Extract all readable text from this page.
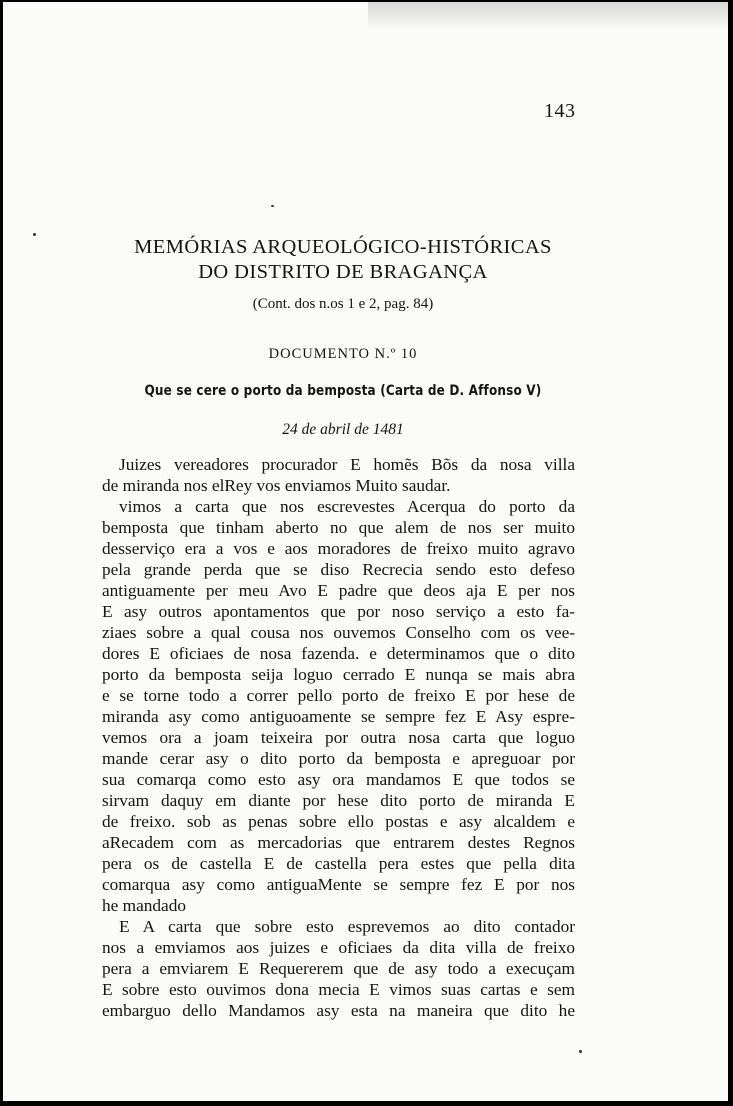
143
MEMÓRIAS ARQUEOLÓGICO-HISTÓRICAS
DO DISTRITO DE BRAGANÇA
(Cont. dos n.os 1 e 2, pag. 84)
DOCUMENTO N.º 10
Que se cere o porto da bemposta (Carta de D. Affonso V)
24 de abril de 1481
Juizes vereadores procurador E homẽs Bõs da nosa villa
de miranda nos elRey vos enviamos Muito saudar.
vimos a carta que nos escrevestes Acerqua do porto da
bemposta que tinham aberto no que alem de nos ser muito
desserviço era a vos e aos moradores de freixo muito agravo
pela grande perda que se diso Recrecia sendo esto defeso
antiguamente per meu Avo E padre que deos aja E per nos
E asy outros apontamentos que por noso serviço a esto fa-
ziaes sobre a qual cousa nos ouvemos Conselho com os vee-
dores E oficiaes de nosa fazenda. e determinamos que o dito
porto da bemposta seija loguo cerrado E nunqa se mais abra
e se torne todo a correr pello porto de freixo E por hese de
miranda asy como antiguoamente se sempre fez E Asy espre-
vemos ora a joam teixeira por outra nosa carta que loguo
mande cerar asy o dito porto da bemposta e apreguoar por
sua comarqa como esto asy ora mandamos E que todos se
sirvam daquy em diante por hese dito porto de miranda E
de freixo. sob as penas sobre ello postas e asy alcaldem e
aRecadem com as mercadorias que entrarem destes Regnos
pera os de castella E de castella pera estes que pella dita
comarqua asy como antiguaMente se sempre fez E por nos
he mandado
E A carta que sobre esto esprevemos ao dito contador
nos a emviamos aos juizes e oficiaes da dita villa de freixo
pera a emviarem E Requererem que de asy todo a execuçam
E sobre esto ouvimos dona mecia E vimos suas cartas e sem
embarguo dello Mandamos asy esta na maneira que dito he
